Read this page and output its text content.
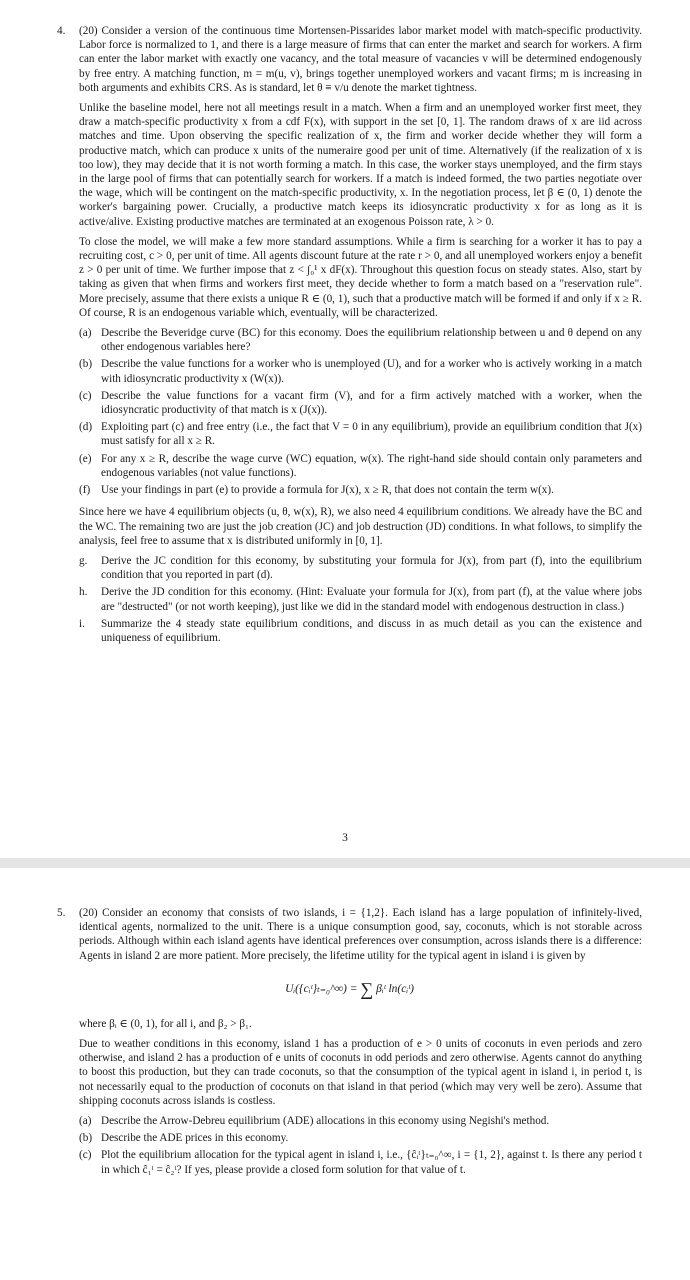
4. (20) Consider a version of the continuous time Mortensen-Pissarides labor market model with match-specific productivity. Labor force is normalized to 1, and there is a large measure of firms that can enter the market and search for workers. A firm can enter the labor market with exactly one vacancy, and the total measure of vacancies v will be determined endogenously by free entry. A matching function, m = m(u, v), brings together unemployed workers and vacant firms; m is increasing in both arguments and exhibits CRS. As is standard, let θ ≡ v/u denote the market tightness.

Unlike the baseline model, here not all meetings result in a match. When a firm and an unemployed worker first meet, they draw a match-specific productivity x from a cdf F(x), with support in the set [0, 1]. The random draws of x are iid across matches and time. Upon observing the specific realization of x, the firm and worker decide whether they will form a productive match, which can produce x units of the numeraire good per unit of time. Alternatively (if the realization of x is too low), they may decide that it is not worth forming a match. In this case, the worker stays unemployed, and the firm stays in the large pool of firms that can potentially search for workers. If a match is indeed formed, the two parties negotiate over the wage, which will be contingent on the match-specific productivity, x. In the negotiation process, let β ∈ (0, 1) denote the worker's bargaining power. Crucially, a productive match keeps its idiosyncratic productivity x for as long as it is active/alive. Existing productive matches are terminated at an exogenous Poisson rate, λ > 0.

To close the model, we will make a few more standard assumptions. While a firm is searching for a worker it has to pay a recruiting cost, c > 0, per unit of time. All agents discount future at the rate r > 0, and all unemployed workers enjoy a benefit z > 0 per unit of time. We further impose that z < ∫₀¹ x dF(x). Throughout this question focus on steady states. Also, start by taking as given that when firms and workers first meet, they decide whether to form a match based on a "reservation rule". More precisely, assume that there exists a unique R ∈ (0, 1), such that a productive match will be formed if and only if x ≥ R. Of course, R is an endogenous variable which, eventually, will be characterized.

(a) Describe the Beveridge curve (BC) for this economy. Does the equilibrium relationship between u and θ depend on any other endogenous variables here?
(b) Describe the value functions for a worker who is unemployed (U), and for a worker who is actively working in a match with idiosyncratic productivity x (W(x)).
(c) Describe the value functions for a vacant firm (V), and for a firm actively matched with a worker, when the idiosyncratic productivity of that match is x (J(x)).
(d) Exploiting part (c) and free entry (i.e., the fact that V = 0 in any equilibrium), provide an equilibrium condition that J(x) must satisfy for all x ≥ R.
(e) For any x ≥ R, describe the wage curve (WC) equation, w(x). The right-hand side should contain only parameters and endogenous variables (not value functions).
(f) Use your findings in part (e) to provide a formula for J(x), x ≥ R, that does not contain the term w(x).

Since here we have 4 equilibrium objects (u, θ, w(x), R), we also need 4 equilibrium conditions. We already have the BC and the WC. The remaining two are just the job creation (JC) and job destruction (JD) conditions. In what follows, to simplify the analysis, feel free to assume that x is distributed uniformly in [0, 1].

g. Derive the JC condition for this economy, by substituting your formula for J(x), from part (f), into the equilibrium condition that you reported in part (d).
h. Derive the JD condition for this economy. (Hint: Evaluate your formula for J(x), from part (f), at the value where jobs are "destructed" (or not worth keeping), just like we did in the standard model with endogenous destruction in class.)
i. Summarize the 4 steady state equilibrium conditions, and discuss in as much detail as you can the existence and uniqueness of equilibrium.
3

5. (20) Consider an economy that consists of two islands, i = {1,2}. Each island has a large population of infinitely-lived, identical agents, normalized to the unit. There is a unique consumption good, say, coconuts, which is not storable across periods. Although within each island agents have identical preferences over consumption, across islands there is a difference: Agents in island 2 are more patient. More precisely, the lifetime utility for the typical agent in island i is given by

Uᵢ({cᵢᵗ}ₜ₌₀^∞) = ∑ βᵢᵗ ln(cᵢᵗ)

where βᵢ ∈ (0, 1), for all i, and β₂ > β₁.

Due to weather conditions in this economy, island 1 has a production of e > 0 units of coconuts in even periods and zero otherwise, and island 2 has a production of e units of coconuts in odd periods and zero otherwise. Agents cannot do anything to boost this production, but they can trade coconuts, so that the consumption of the typical agent in island i, in period t, is not necessarily equal to the production of coconuts on that island in that period (which may very well be zero). Assume that shipping coconuts across islands is costless.

(a) Describe the Arrow-Debreu equilibrium (ADE) allocations in this economy using Negishi's method.
(b) Describe the ADE prices in this economy.
(c) Plot the equilibrium allocation for the typical agent in island i, i.e., {ĉᵢᵗ}ₜ₌₀^∞, i = {1, 2}, against t. Is there any period t in which ĉ₁ᵗ = ĉ₂ᵗ? If yes, please provide a closed form solution for that value of t.
